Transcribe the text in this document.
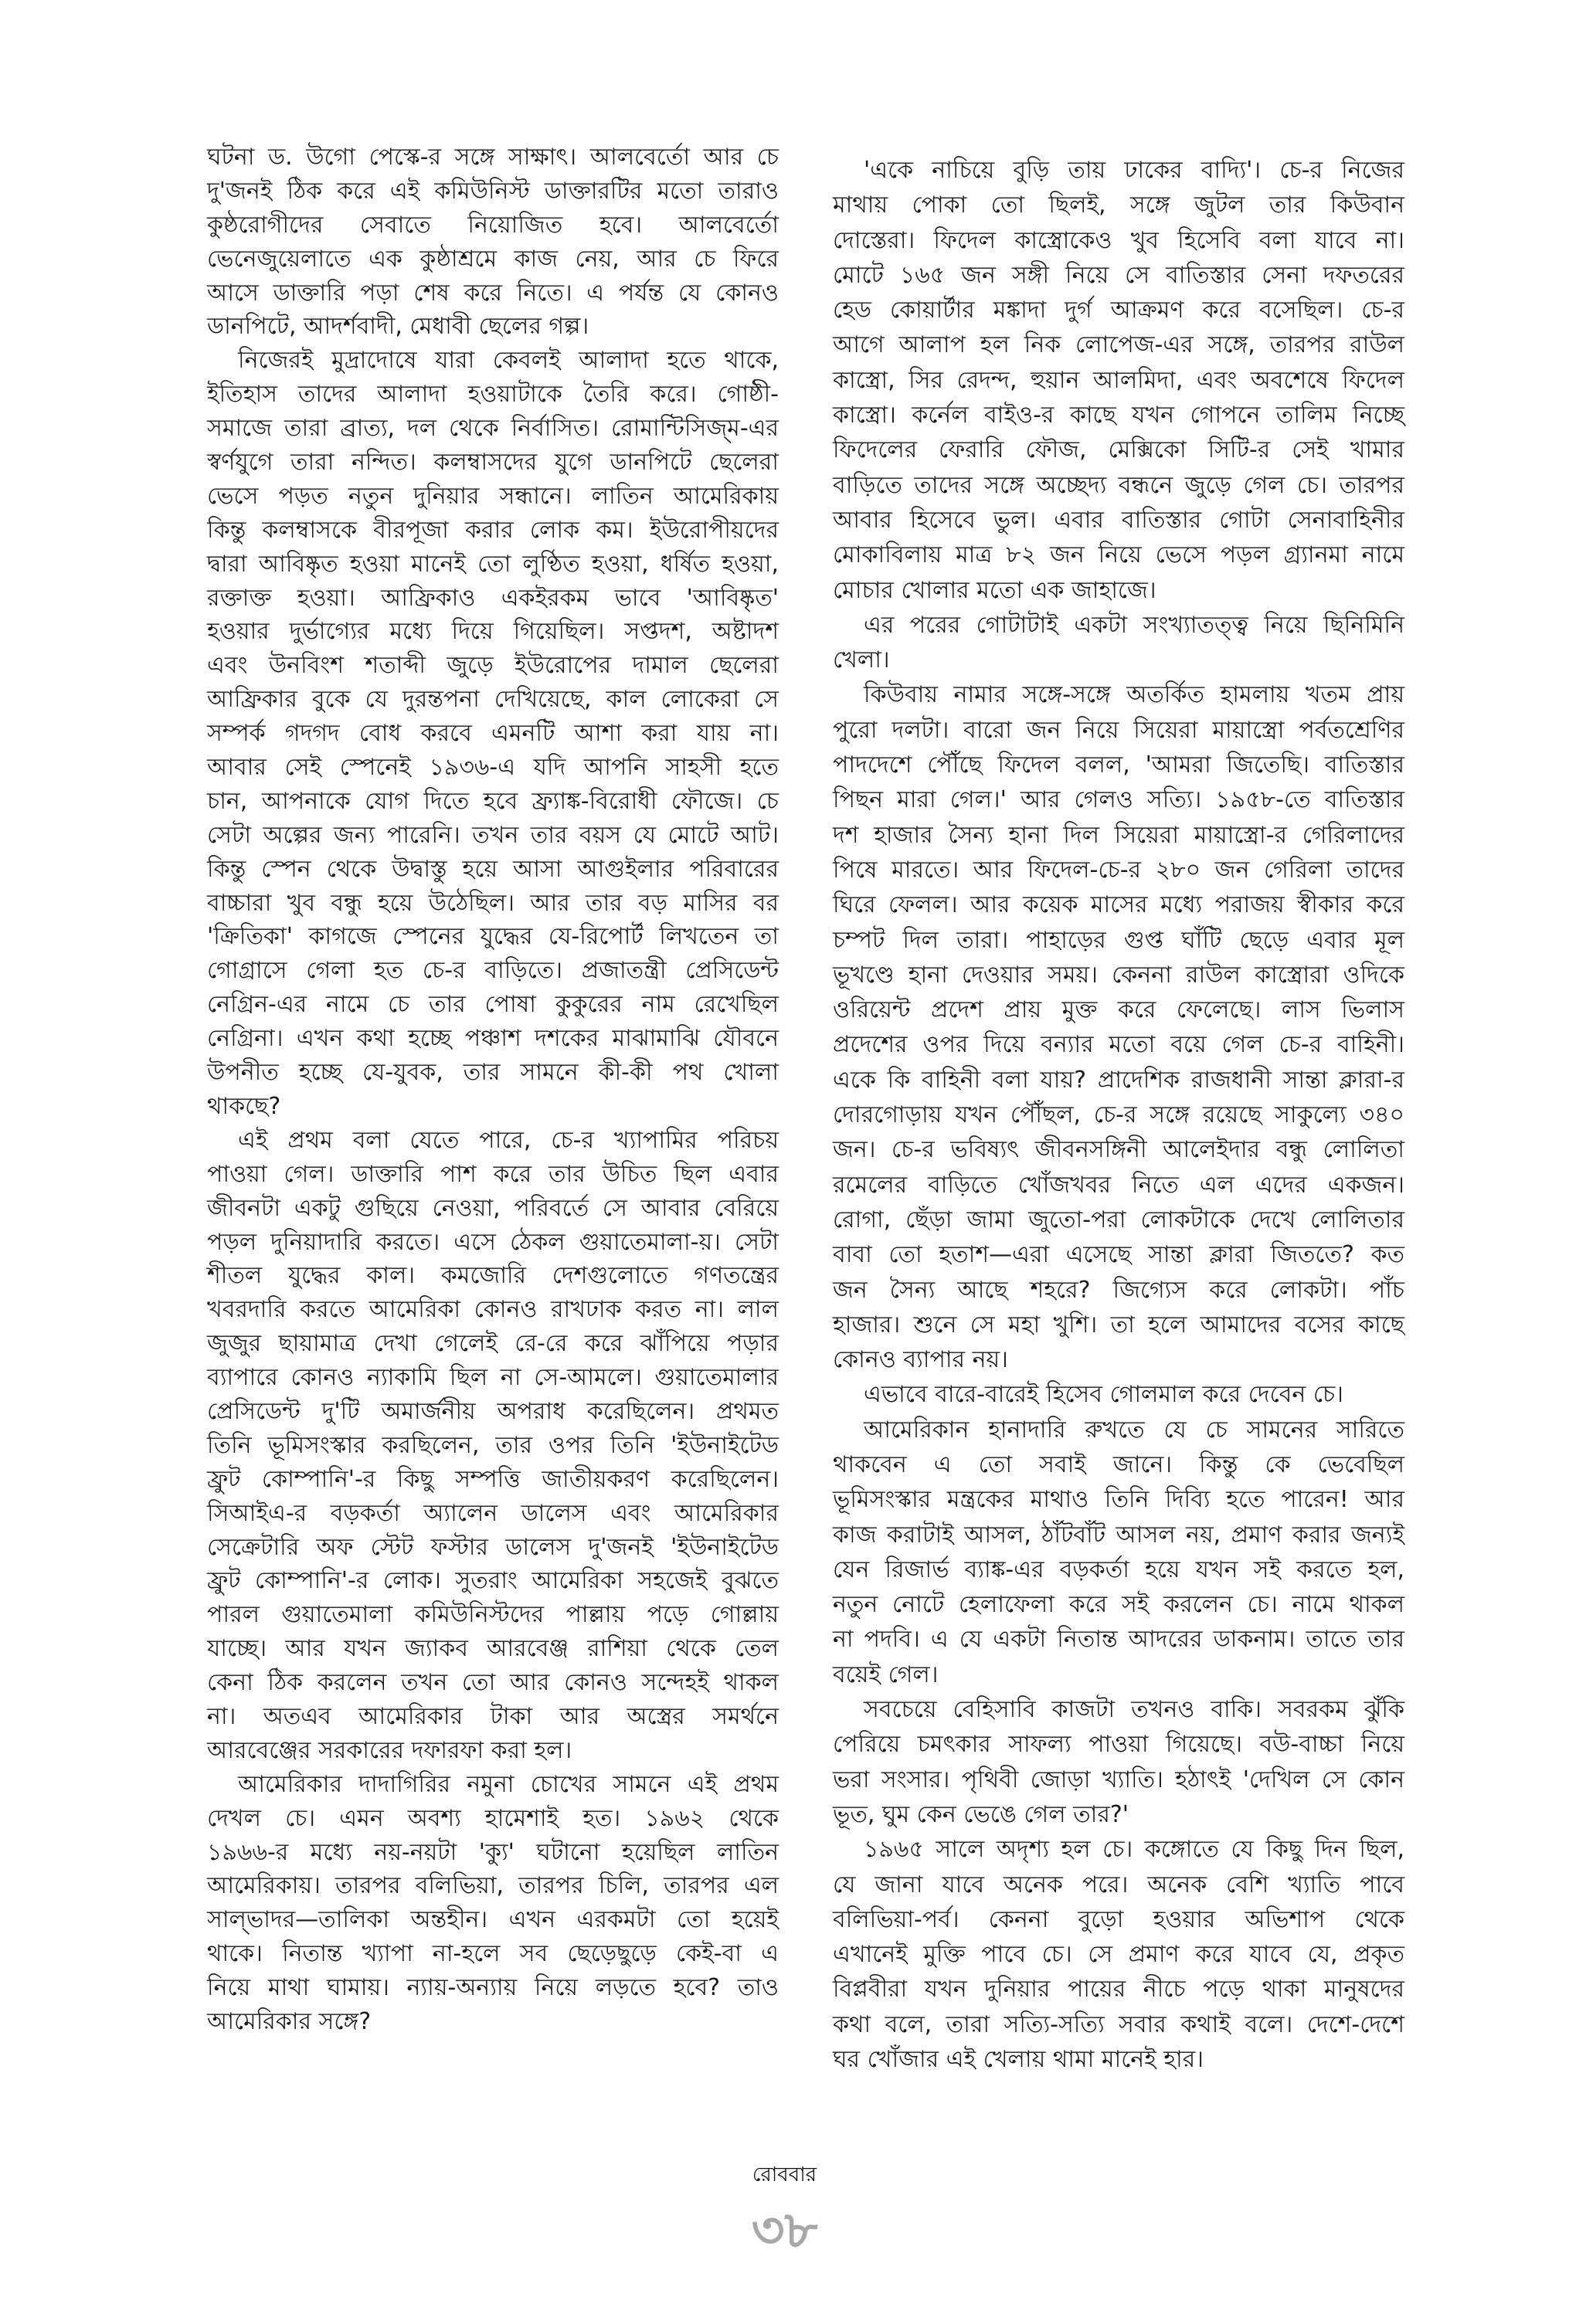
ঘটনা ড. উগো পেস্কে-র সঙ্গে সাক্ষাৎ। আলবের্তো আর চে
দু'জনই ঠিক করে এই কমিউনিস্ট ডাক্তারটির মতো তারাও
কুষ্ঠরোগীদের সেবাতে নিয়োজিত হবে। আলবের্তো
ভেনেজুয়েলাতে এক কুষ্ঠাশ্রমে কাজ নেয়, আর চে ফিরে
আসে ডাক্তারি পড়া শেষ করে নিতে। এ পর্যন্ত যে কোনও
ডানপিটে, আদর্শবাদী, মেধাবী ছেলের গল্প।
নিজেরই মুদ্রাদোষে যারা কেবলই আলাদা হতে থাকে,
ইতিহাস তাদের আলাদা হওয়াটাকে তৈরি করে। গোষ্ঠী-
সমাজে তারা ব্রাত্য, দল থেকে নির্বাসিত। রোমান্টিসিজ্‌ম-এর
স্বর্ণযুগে তারা নন্দিত। কলম্বাসদের যুগে ডানপিটে ছেলেরা
ভেসে পড়ত নতুন দুনিয়ার সন্ধানে। লাতিন আমেরিকায়
কিন্তু কলম্বাসকে বীরপূজা করার লোক কম। ইউরোপীয়দের
দ্বারা আবিষ্কৃত হওয়া মানেই তো লুণ্ঠিত হওয়া, ধর্ষিত হওয়া,
রক্তাক্ত হওয়া। আফ্রিকাও একইরকম ভাবে 'আবিষ্কৃত'
হওয়ার দুর্ভাগ্যের মধ্যে দিয়ে গিয়েছিল। সপ্তদশ, অষ্টাদশ
এবং উনবিংশ শতাব্দী জুড়ে ইউরোপের দামাল ছেলেরা
আফ্রিকার বুকে যে দুরন্তপনা দেখিয়েছে, কাল লোকেরা সে
সম্পর্ক গদগদ বোধ করবে এমনটি আশা করা যায় না।
আবার সেই স্পেনেই ১৯৩৬-এ যদি আপনি সাহসী হতে
চান, আপনাকে যোগ দিতে হবে ফ্র্যাঙ্ক-বিরোধী ফৌজে। চে
সেটা অল্পের জন্য পারেনি। তখন তার বয়স যে মোটে আট।
কিন্তু স্পেন থেকে উদ্বাস্তু হয়ে আসা আগুইলার পরিবারের
বাচ্চারা খুব বন্ধু হয়ে উঠেছিল। আর তার বড় মাসির বর
'ক্রিতিকা' কাগজে স্পেনের যুদ্ধের যে-রিপোর্ট লিখতেন তা
গোগ্রাসে গেলা হত চে-র বাড়িতে। প্রজাতন্ত্রী প্রেসিডেন্ট
নেগ্রিন-এর নামে চে তার পোষা কুকুরের নাম রেখেছিল
নেগ্রিনা। এখন কথা হচ্ছে পঞ্চাশ দশকের মাঝামাঝি যৌবনে
উপনীত হচ্ছে যে-যুবক, তার সামনে কী-কী পথ খোলা
থাকছে?
এই প্রথম বলা যেতে পারে, চে-র খ্যাপামির পরিচয়
পাওয়া গেল। ডাক্তারি পাশ করে তার উচিত ছিল এবার
জীবনটা একটু গুছিয়ে নেওয়া, পরিবর্তে সে আবার বেরিয়ে
পড়ল দুনিয়াদারি করতে। এসে ঠেকল গুয়াতেমালা-য়। সেটা
শীতল যুদ্ধের কাল। কমজোরি দেশগুলোতে গণতন্ত্রের
খবরদারি করতে আমেরিকা কোনও রাখঢাক করত না। লাল
জুজুর ছায়ামাত্র দেখা গেলেই রে-রে করে ঝাঁপিয়ে পড়ার
ব্যাপারে কোনও ন্যাকামি ছিল না সে-আমলে। গুয়াতেমালার
প্রেসিডেন্ট দু'টি অমার্জনীয় অপরাধ করেছিলেন। প্রথমত
তিনি ভূমিসংস্কার করছিলেন, তার ওপর তিনি 'ইউনাইটেড
ফ্রুট কোম্পানি'-র কিছু সম্পত্তি জাতীয়করণ করেছিলেন।
সিআইএ-র বড়কর্তা অ্যালেন ডালেস এবং আমেরিকার
সেক্রেটারি অফ স্টেট ফস্টার ডালেস দু'জনই 'ইউনাইটেড
ফ্রুট কোম্পানি'-র লোক। সুতরাং আমেরিকা সহজেই বুঝতে
পারল গুয়াতেমালা কমিউনিস্টদের পাল্লায় পড়ে গোল্লায়
যাচ্ছে। আর যখন জ্যাকব আরবেঞ্জ রাশিয়া থেকে তেল
কেনা ঠিক করলেন তখন তো আর কোনও সন্দেহই থাকল
না। অতএব আমেরিকার টাকা আর অস্ত্রের সমর্থনে
আরবেঞ্জের সরকারের দফারফা করা হল।
আমেরিকার দাদাগিরির নমুনা চোখের সামনে এই প্রথম
দেখল চে। এমন অবশ্য হামেশাই হত। ১৯৬২ থেকে
১৯৬৬-র মধ্যে নয়-নয়টা 'ক্যু' ঘটানো হয়েছিল লাতিন
আমেরিকায়। তারপর বলিভিয়া, তারপর চিলি, তারপর এল
সাল্‌ভাদর—তালিকা অন্তহীন। এখন এরকমটা তো হয়েই
থাকে। নিতান্ত খ্যাপা না-হলে সব ছেড়েছুড়ে কেই-বা এ
নিয়ে মাথা ঘামায়। ন্যায়-অন্যায় নিয়ে লড়তে হবে? তাও
আমেরিকার সঙ্গে?
'একে নাচিয়ে বুড়ি তায় ঢাকের বাদ্যি'। চে-র নিজের
মাথায় পোকা তো ছিলই, সঙ্গে জুটল তার কিউবান
দোস্তেরা। ফিদেল কাস্ত্রোকেও খুব হিসেবি বলা যাবে না।
মোটে ১৬৫ জন সঙ্গী নিয়ে সে বাতিস্তার সেনা দফতরের
হেড কোয়ার্টার মঙ্কাদা দুর্গ আক্রমণ করে বসেছিল। চে-র
আগে আলাপ হল নিক লোপেজ-এর সঙ্গে, তারপর রাউল
কাস্ত্রো, সির রেদন্দ, হুয়ান আলমিদা, এবং অবশেষে ফিদেল
কাস্ত্রো। কর্নেল বাইও-র কাছে যখন গোপনে তালিম নিচ্ছে
ফিদেলের ফেরারি ফৌজ, মেক্সিকো সিটি-র সেই খামার
বাড়িতে তাদের সঙ্গে অচ্ছেদ্য বন্ধনে জুড়ে গেল চে। তারপর
আবার হিসেবে ভুল। এবার বাতিস্তার গোটা সেনাবাহিনীর
মোকাবিলায় মাত্র ৮২ জন নিয়ে ভেসে পড়ল গ্র্যানমা নামে
মোচার খোলার মতো এক জাহাজে।
এর পরের গোটাটাই একটা সংখ্যাতত্ত্ব নিয়ে ছিনিমিনি
খেলা।
কিউবায় নামার সঙ্গে-সঙ্গে অতর্কিত হামলায় খতম প্রায়
পুরো দলটা। বারো জন নিয়ে সিয়েরা মায়াস্ত্রো পর্বতশ্রেণির
পাদদেশে পৌঁছে ফিদেল বলল, 'আমরা জিতেছি। বাতিস্তার
পিছন মারা গেল।' আর গেলও সত্যি। ১৯৫৮-তে বাতিস্তার
দশ হাজার সৈন্য হানা দিল সিয়েরা মায়াস্ত্রো-র গেরিলাদের
পিষে মারতে। আর ফিদেল-চে-র ২৮০ জন গেরিলা তাদের
ঘিরে ফেলল। আর কয়েক মাসের মধ্যে পরাজয় স্বীকার করে
চম্পট দিল তারা। পাহাড়ের গুপ্ত ঘাঁটি ছেড়ে এবার মূল
ভূখণ্ডে হানা দেওয়ার সময়। কেননা রাউল কাস্ত্রোরা ওদিকে
ওরিয়েন্ট প্রদেশ প্রায় মুক্ত করে ফেলেছে। লাস ভিলাস
প্রদেশের ওপর দিয়ে বন্যার মতো বয়ে গেল চে-র বাহিনী।
একে কি বাহিনী বলা যায়? প্রাদেশিক রাজধানী সান্তা ক্লারা-র
দোরগোড়ায় যখন পৌঁছল, চে-র সঙ্গে রয়েছে সাকুল্যে ৩৪০
জন। চে-র ভবিষ্যৎ জীবনসঙ্গিনী আলেইদার বন্ধু লোলিতা
রমেলের বাড়িতে খোঁজখবর নিতে এল এদের একজন।
রোগা, ছেঁড়া জামা জুতো-পরা লোকটাকে দেখে লোলিতার
বাবা তো হতাশ—এরা এসেছে সান্তা ক্লারা জিততে? কত
জন সৈন্য আছে শহরে? জিগ্যেস করে লোকটা। পাঁচ
হাজার। শুনে সে মহা খুশি। তা হলে আমাদের বসের কাছে
কোনও ব্যাপার নয়।
এভাবে বারে-বারেই হিসেব গোলমাল করে দেবেন চে।
আমেরিকান হানাদারি রুখতে যে চে সামনের সারিতে
থাকবেন এ তো সবাই জানে। কিন্তু কে ভেবেছিল
ভূমিসংস্কার মন্ত্রকের মাথাও তিনি দিব্যি হতে পারেন! আর
কাজ করাটাই আসল, ঠাঁটবাঁট আসল নয়, প্রমাণ করার জন্যই
যেন রিজার্ভ ব্যাঙ্ক-এর বড়কর্তা হয়ে যখন সই করতে হল,
নতুন নোটে হেলাফেলা করে সই করলেন চে। নামে থাকল
না পদবি। এ যে একটা নিতান্ত আদরের ডাকনাম। তাতে তার
বয়েই গেল।
সবচেয়ে বেহিসাবি কাজটা তখনও বাকি। সবরকম ঝুঁকি
পেরিয়ে চমৎকার সাফল্য পাওয়া গিয়েছে। বউ-বাচ্চা নিয়ে
ভরা সংসার। পৃথিবী জোড়া খ্যাতি। হঠাৎই 'দেখিল সে কোন
ভূত, ঘুম কেন ভেঙে গেল তার?'
১৯৬৫ সালে অদৃশ্য হল চে। কঙ্গোতে যে কিছু দিন ছিল,
যে জানা যাবে অনেক পরে। অনেক বেশি খ্যাতি পাবে
বলিভিয়া-পর্ব। কেননা বুড়ো হওয়ার অভিশাপ থেকে
এখানেই মুক্তি পাবে চে। সে প্রমাণ করে যাবে যে, প্রকৃত
বিপ্লবীরা যখন দুনিয়ার পায়ের নীচে পড়ে থাকা মানুষদের
কথা বলে, তারা সত্যি-সত্যি সবার কথাই বলে। দেশে-দেশে
ঘর খোঁজার এই খেলায় থামা মানেই হার।
রোববার
৩৮
